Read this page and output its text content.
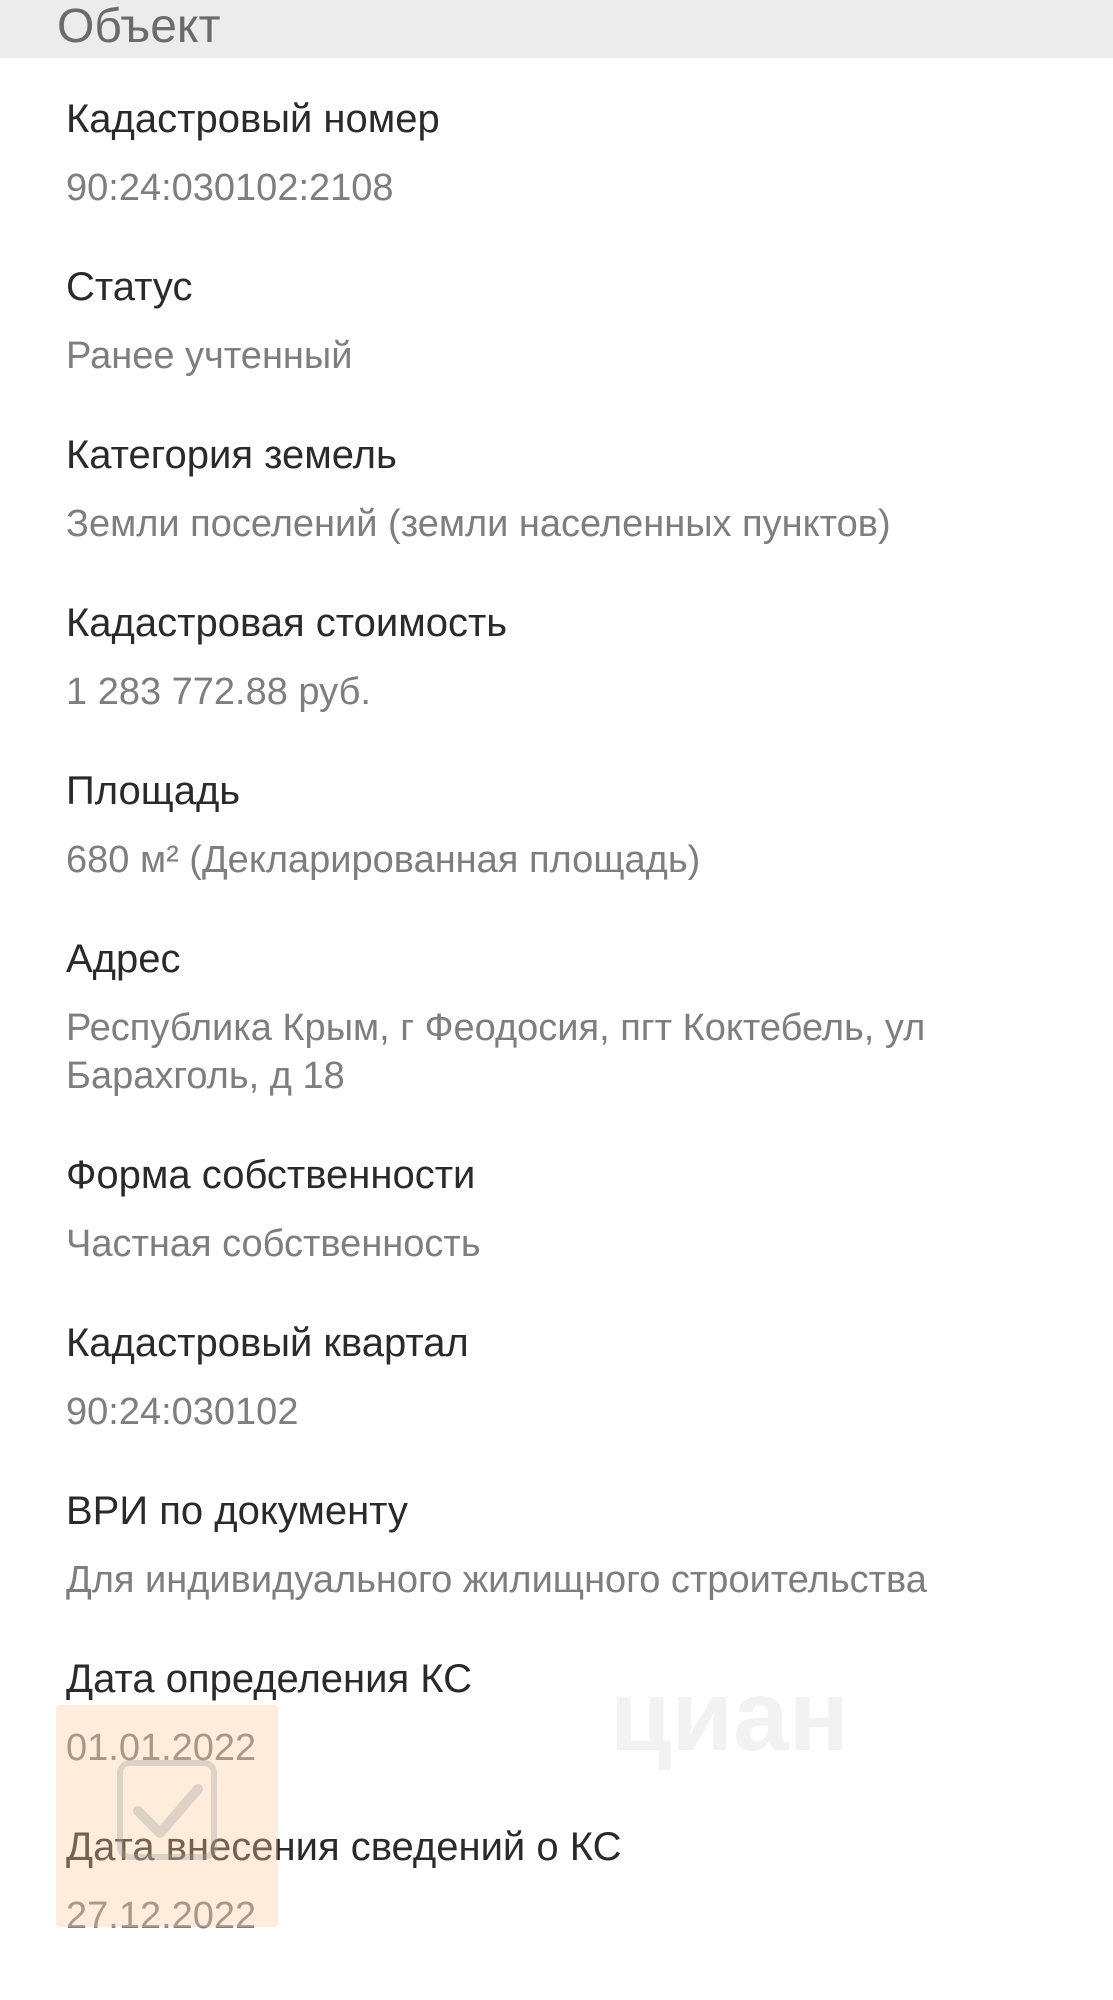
Объект
Кадастровый номер
90:24:030102:2108
Статус
Ранее учтенный
Категория земель
Земли поселений (земли населенных пунктов)
Кадастровая стоимость
1 283 772.88 руб.
Площадь
680 м² (Декларированная площадь)
Адрес
Республика Крым, г Феодосия, пгт Коктебель, ул Барахголь, д 18
Форма собственности
Частная собственность
Кадастровый квартал
90:24:030102
ВРИ по документу
Для индивидуального жилищного строительства
Дата определения КС
01.01.2022
Дата внесения сведений о КС
27.12.2022
циан
